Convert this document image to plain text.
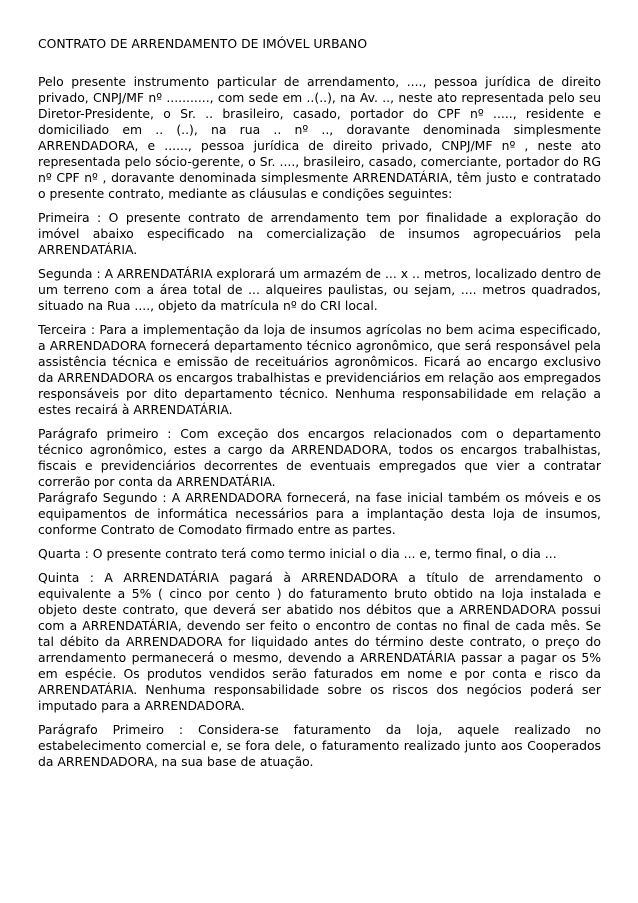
CONTRATO DE ARRENDAMENTO DE IMÓVEL URBANO

Pelo presente instrumento particular de arrendamento, ...., pessoa jurídica de direito privado, CNPJ/MF nº ..........., com sede em ..(..), na Av. .., neste ato representada pelo seu Diretor-Presidente, o Sr. .. brasileiro, casado, portador do CPF nº ....., residente e domiciliado em .. (..), na rua .. nº .., doravante denominada simplesmente ARRENDADORA, e ......, pessoa jurídica de direito privado, CNPJ/MF nº , neste ato representada pelo sócio-gerente, o Sr. ...., brasileiro, casado, comerciante, portador do RG nº CPF nº , doravante denominada simplesmente ARRENDATÁRIA, têm justo e contratado o presente contrato, mediante as cláusulas e condições seguintes:

Primeira : O presente contrato de arrendamento tem por finalidade a exploração do imóvel abaixo especificado na comercialização de insumos agropecuários pela ARRENDATÁRIA.

Segunda : A ARRENDATÁRIA explorará um armazém de ... x .. metros, localizado dentro de um terreno com a área total de ... alqueires paulistas, ou sejam, .... metros quadrados, situado na Rua ...., objeto da matrícula nº do CRI local.

Terceira : Para a implementação da loja de insumos agrícolas no bem acima especificado, a ARRENDADORA fornecerá departamento técnico agronômico, que será responsável pela assistência técnica e emissão de receituários agronômicos. Ficará ao encargo exclusivo da ARRENDADORA os encargos trabalhistas e previdenciários em relação aos empregados responsáveis por dito departamento técnico. Nenhuma responsabilidade em relação a estes recairá à ARRENDATÁRIA.

Parágrafo primeiro : Com exceção dos encargos relacionados com o departamento técnico agronômico, estes a cargo da ARRENDADORA, todos os encargos trabalhistas, fiscais e previdenciários decorrentes de eventuais empregados que vier a contratar correrão por conta da ARRENDATÁRIA.

Parágrafo Segundo : A ARRENDADORA fornecerá, na fase inicial também os móveis e os equipamentos de informática necessários para a implantação desta loja de insumos, conforme Contrato de Comodato firmado entre as partes.

Quarta : O presente contrato terá como termo inicial o dia ... e, termo final, o dia ...

Quinta : A ARRENDATÁRIA pagará à ARRENDADORA a título de arrendamento o equivalente a 5% ( cinco por cento ) do faturamento bruto obtido na loja instalada e objeto deste contrato, que deverá ser abatido nos débitos que a ARRENDADORA possui com a ARRENDATÁRIA, devendo ser feito o encontro de contas no final de cada mês. Se tal débito da ARRENDADORA for liquidado antes do término deste contrato, o preço do arrendamento permanecerá o mesmo, devendo a ARRENDATÁRIA passar a pagar os 5% em espécie. Os produtos vendidos serão faturados em nome e por conta e risco da ARRENDATÁRIA. Nenhuma responsabilidade sobre os riscos dos negócios poderá ser imputado para a ARRENDADORA.

Parágrafo Primeiro : Considera-se faturamento da loja, aquele realizado no estabelecimento comercial e, se fora dele, o faturamento realizado junto aos Cooperados da ARRENDADORA, na sua base de atuação.
